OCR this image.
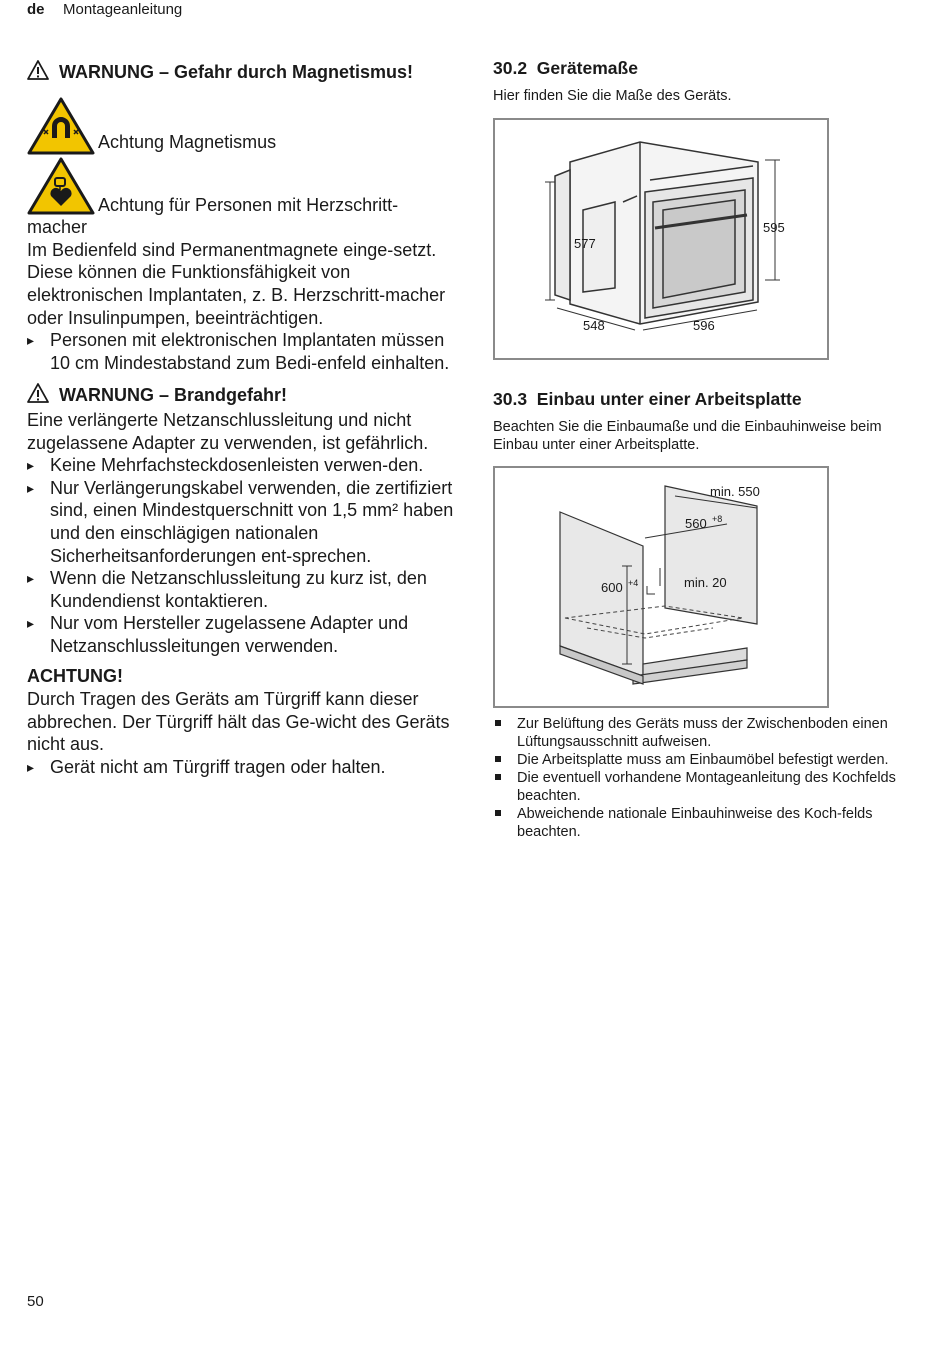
de Montageanleitung
WARNUNG – Gefahr durch Magnetismus!
Achtung Magnetismus
Achtung für Personen mit Herzschritt-macher
Im Bedienfeld sind Permanentmagnete einge-setzt. Diese können die Funktionsfähigkeit von elektronischen Implantaten, z. B. Herzschritt-macher oder Insulinpumpen, beeinträchtigen.
▸ Personen mit elektronischen Implantaten müssen 10 cm Mindestabstand zum Bedi-enfeld einhalten.
WARNUNG – Brandgefahr!
Eine verlängerte Netzanschlussleitung und nicht zugelassene Adapter zu verwenden, ist gefährlich.
▸ Keine Mehrfachsteckdosenleisten verwen-den.
▸ Nur Verlängerungskabel verwenden, die zertifiziert sind, einen Mindestquerschnitt von 1,5 mm² haben und den einschlägigen nationalen Sicherheitsanforderungen ent-sprechen.
▸ Wenn die Netzanschlussleitung zu kurz ist, den Kundendienst kontaktieren.
▸ Nur vom Hersteller zugelassene Adapter und Netzanschlussleitungen verwenden.
ACHTUNG!
Durch Tragen des Geräts am Türgriff kann dieser abbrechen. Der Türgriff hält das Ge-wicht des Geräts nicht aus.
▸ Gerät nicht am Türgriff tragen oder halten.
30.2 Gerätemaße
Hier finden Sie die Maße des Geräts.
577
595
548	596
30.3 Einbau unter einer Arbeitsplatte
Beachten Sie die Einbaumaße und die Einbauhinweise beim Einbau unter einer Arbeitsplatte.
min. 550
560 +8
600 +4	min. 20
Zur Belüftung des Geräts muss der Zwischenboden einen Lüftungsausschnitt aufweisen.
Die Arbeitsplatte muss am Einbaumöbel befestigt werden.
Die eventuell vorhandene Montageanleitung des Kochfelds beachten.
Abweichende nationale Einbauhinweise des Koch-felds beachten.
50
